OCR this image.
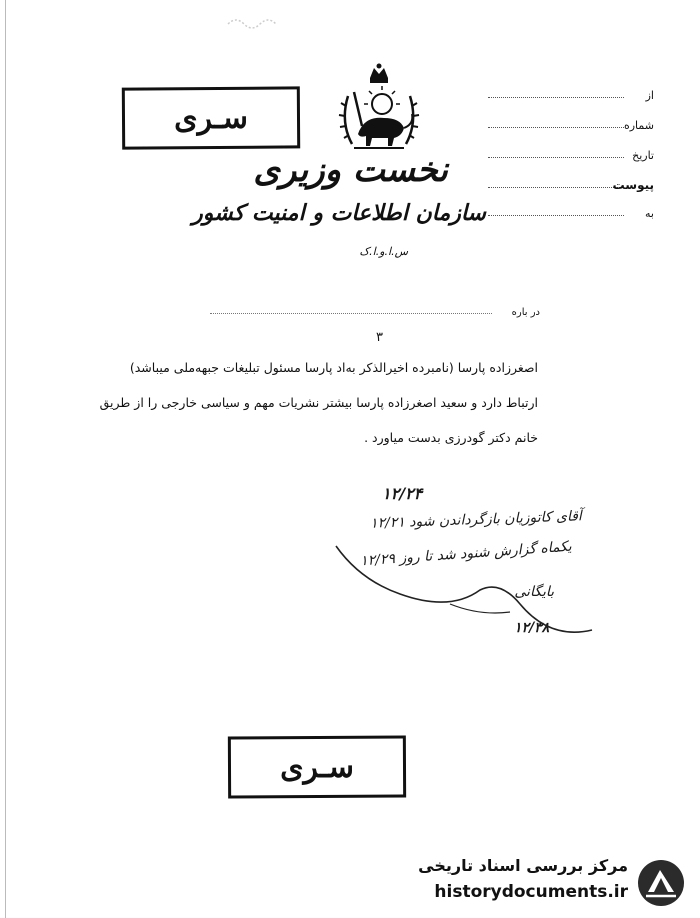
سـری
نخست وزیری
سازمان اطلاعات و امنیت کشور
س.ا.و.ا.ک
از
شماره
تاریخ
پیوست
به
در باره
۳
اصغرزاده پارسا (نامبرده اخیرالذکر به‌اد پارسا مسئول تبلیغات جبهه‌ملی میباشد)
ارتباط دارد و سعید اصغرزاده پارسا بیشتر نشریات مهم و سیاسی خارجی را از طریق
خانم دکتر گودرزی بدست میاورد .
۱۲/۲۴
آقای کاتوزیان بازگرداندن شود ۱۲/۲۱
یکماه گزارش شنود شد تا روز ۱۲/۲۹
بایگانی
۱۲/۳۸
سـری
مرکز بررسی اسناد تاریخی
historydocuments.ir
